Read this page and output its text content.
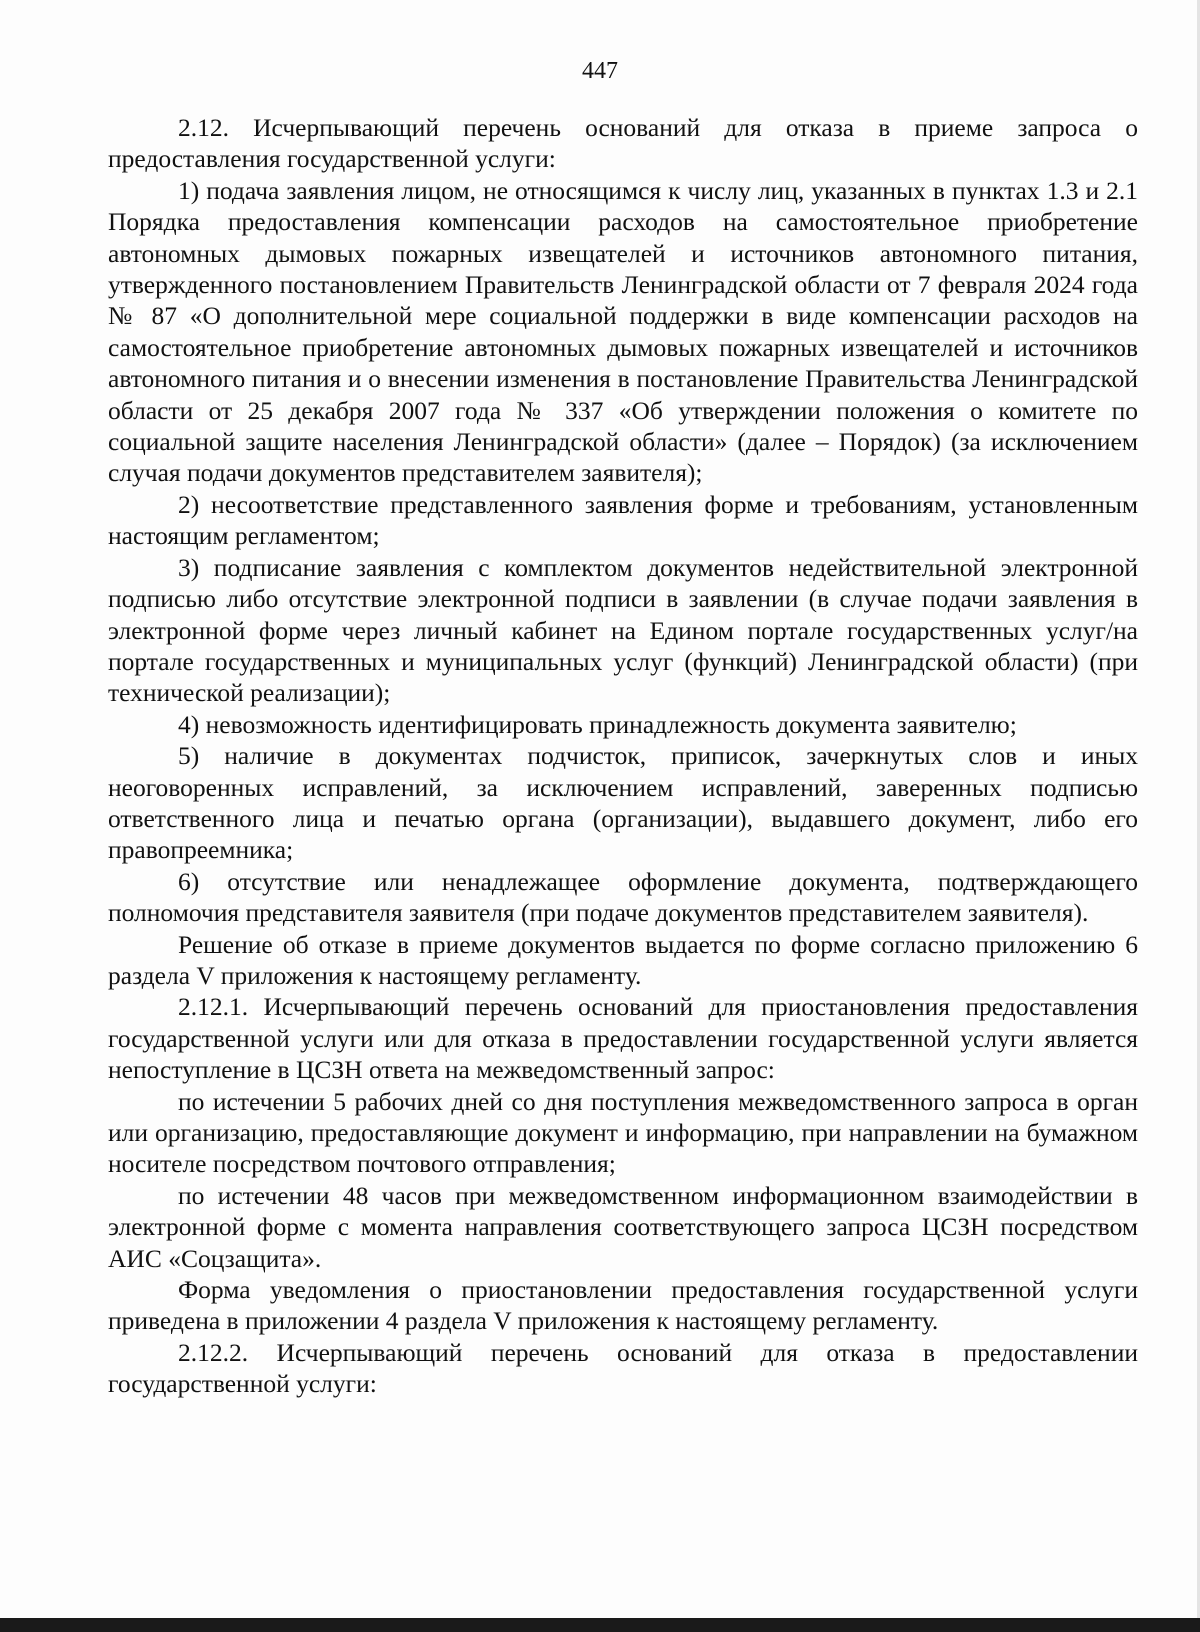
447

2.12. Исчерпывающий перечень оснований для отказа в приеме запроса о предоставления государственной услуги:

1) подача заявления лицом, не относящимся к числу лиц, указанных в пунктах 1.3 и 2.1 Порядка предоставления компенсации расходов на самостоятельное приобретение автономных дымовых пожарных извещателей и источников автономного питания, утвержденного постановлением Правительств Ленинградской области от 7 февраля 2024 года № 87 «О дополнительной мере социальной поддержки в виде компенсации расходов на самостоятельное приобретение автономных дымовых пожарных извещателей и источников автономного питания и о внесении изменения в постановление Правительства Ленинградской области от 25 декабря 2007 года № 337 «Об утверждении положения о комитете по социальной защите населения Ленинградской области» (далее – Порядок) (за исключением случая подачи документов представителем заявителя);

2) несоответствие представленного заявления форме и требованиям, установленным настоящим регламентом;

3) подписание заявления с комплектом документов недействительной электронной подписью либо отсутствие электронной подписи в заявлении (в случае подачи заявления в электронной форме через личный кабинет на Едином портале государственных услуг/на портале государственных и муниципальных услуг (функций) Ленинградской области) (при технической реализации);

4) невозможность идентифицировать принадлежность документа заявителю;

5) наличие в документах подчисток, приписок, зачеркнутых слов и иных неоговоренных исправлений, за исключением исправлений, заверенных подписью ответственного лица и печатью органа (организации), выдавшего документ, либо его правопреемника;

6) отсутствие или ненадлежащее оформление документа, подтверждающего полномочия представителя заявителя (при подаче документов представителем заявителя).

Решение об отказе в приеме документов выдается по форме согласно приложению 6 раздела V приложения к настоящему регламенту.

2.12.1. Исчерпывающий перечень оснований для приостановления предоставления государственной услуги или для отказа в предоставлении государственной услуги является непоступление в ЦСЗН ответа на межведомственный запрос:

по истечении 5 рабочих дней со дня поступления межведомственного запроса в орган или организацию, предоставляющие документ и информацию, при направлении на бумажном носителе посредством почтового отправления;

по истечении 48 часов при межведомственном информационном взаимодействии в электронной форме с момента направления соответствующего запроса ЦСЗН посредством АИС «Соцзащита».

Форма уведомления о приостановлении предоставления государственной услуги приведена в приложении 4 раздела V приложения к настоящему регламенту.

2.12.2. Исчерпывающий перечень оснований для отказа в предоставлении государственной услуги:
